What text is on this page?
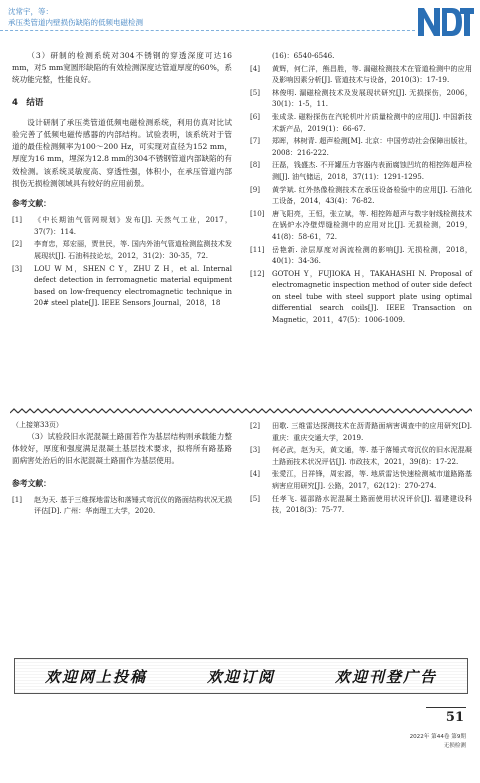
沈常宇，等：
承压类管道内壁损伤缺陷的低频电磁检测

（3）研制的检测系统对304不锈钢的穿透深度可达16 mm，对5 mm宽圆形缺陷的有效检测深度达管道厚度的60%，系统功能完整，性能良好。

4　结语

设计研制了承压类管道低频电磁检测系统，利用仿真对比试验完善了低频电磁传感器的内部结构。试验表明，该系统对于管道的最佳检测频率为100～200 Hz，可实现对直径为152 mm，厚度为16 mm，埋深为12.8 mm的304不锈钢管道内部缺陷的有效检测。该系统灵敏度高、穿透性强，体积小，在承压管道内部损伤无损检测领域具有较好的应用前景。

参考文献：
[1]	《中长期油气管网规划》发布[J]. 天然气工业，2017，37(7)：114.
[2]	李育忠，郑宏丽，贾世民，等. 国内外油气管道检测监测技术发展现状[J]. 石油科技论坛，2012，31(2)：30-35，72.
[3]	LOU W M，SHEN C Y，ZHU Z H，et al. Internal defect detection in ferromagnetic material equipment based on low-frequency electromagnetic technique in 20# steel plate[J]. IEEE Sensors Journal，2018，18
(16)：6540-6546.
[4]	黄辉，何仁洋，熊昌胜，等. 漏磁检测技术在管道检测中的应用及影响因素分析[J]. 管道技术与设备，2010(3)：17-19.
[5]	林俊明. 漏磁检测技术及发展现状研究[J]. 无损探伤，2006，30(1)：1-5，11.
[6]	张成录. 磁粉探伤在汽轮机叶片质量检测中的应用[J]. 中国新技术新产品，2019(1)：66-67.
[7]	郑晖，林树青. 超声检测[M]. 北京：中国劳动社会保障出版社，2008：216-222.
[8]	汪磊，钱盛杰. 不开罐压力容器内表面腐蚀凹坑的相控阵超声检测[J]. 油气储运，2018，37(11)：1291-1295.
[9]	黄学斌. 红外热像检测技术在承压设备检验中的应用[J]. 石油化工设备，2014，43(4)：76-82.
[10]	唐飞阳亮，王恒，张立斌，等. 相控阵超声与数字射线检测技术在锅炉水冷壁焊缝检测中的应用对比[J]. 无损检测，2019，41(8)：58-61，72.
[11]	岳艳新. 涂层厚度对涡流检测的影响[J]. 无损检测，2018，40(1)：34-36.
[12]	GOTOH Y，FUJIOKA H，TAKAHASHI N. Proposal of electromagnetic inspection method of outer side defect on steel tube with steel support plate using optimal differential search coils[J]. IEEE Transaction on Magnetic，2011，47(5)：1006-1009.
（上接第33页）

（3）试验段旧水泥混凝土路面若作为基层结构则承载能力整体较好，厚度和强度满足混凝土基层技术要求，拟将所有路基路面病害处治后的旧水泥混凝土路面作为基层使用。

参考文献：
[1]	赵为天. 基于三维探地雷达和落锤式弯沉仪的路面结构状况无损评估[D]. 广州：华南理工大学，2020.
[2]	田歌. 三维雷达探测技术在沥青路面病害调查中的应用研究[D]. 重庆：重庆交通大学，2019.
[3]	何必武，赵为天，黄文通，等. 基于落锤式弯沉仪的旧水泥混凝土路面技术状况评估[J]. 市政技术，2021，39(8)：17-22.
[4]	张愛江，吕祥锋，周宏源，等. 地质雷达快速检测城市道路路基病害应用研究[J]. 公路，2017，62(12)：270-274.
[5]	任孝飞. 福邵路水泥混凝土路面使用状况评价[J]. 福建建设科技，2018(3)：75-77.
欢迎网上投稿	欢迎订阅	欢迎刊登广告
51
2022年 第44卷 第9期
无损检测
